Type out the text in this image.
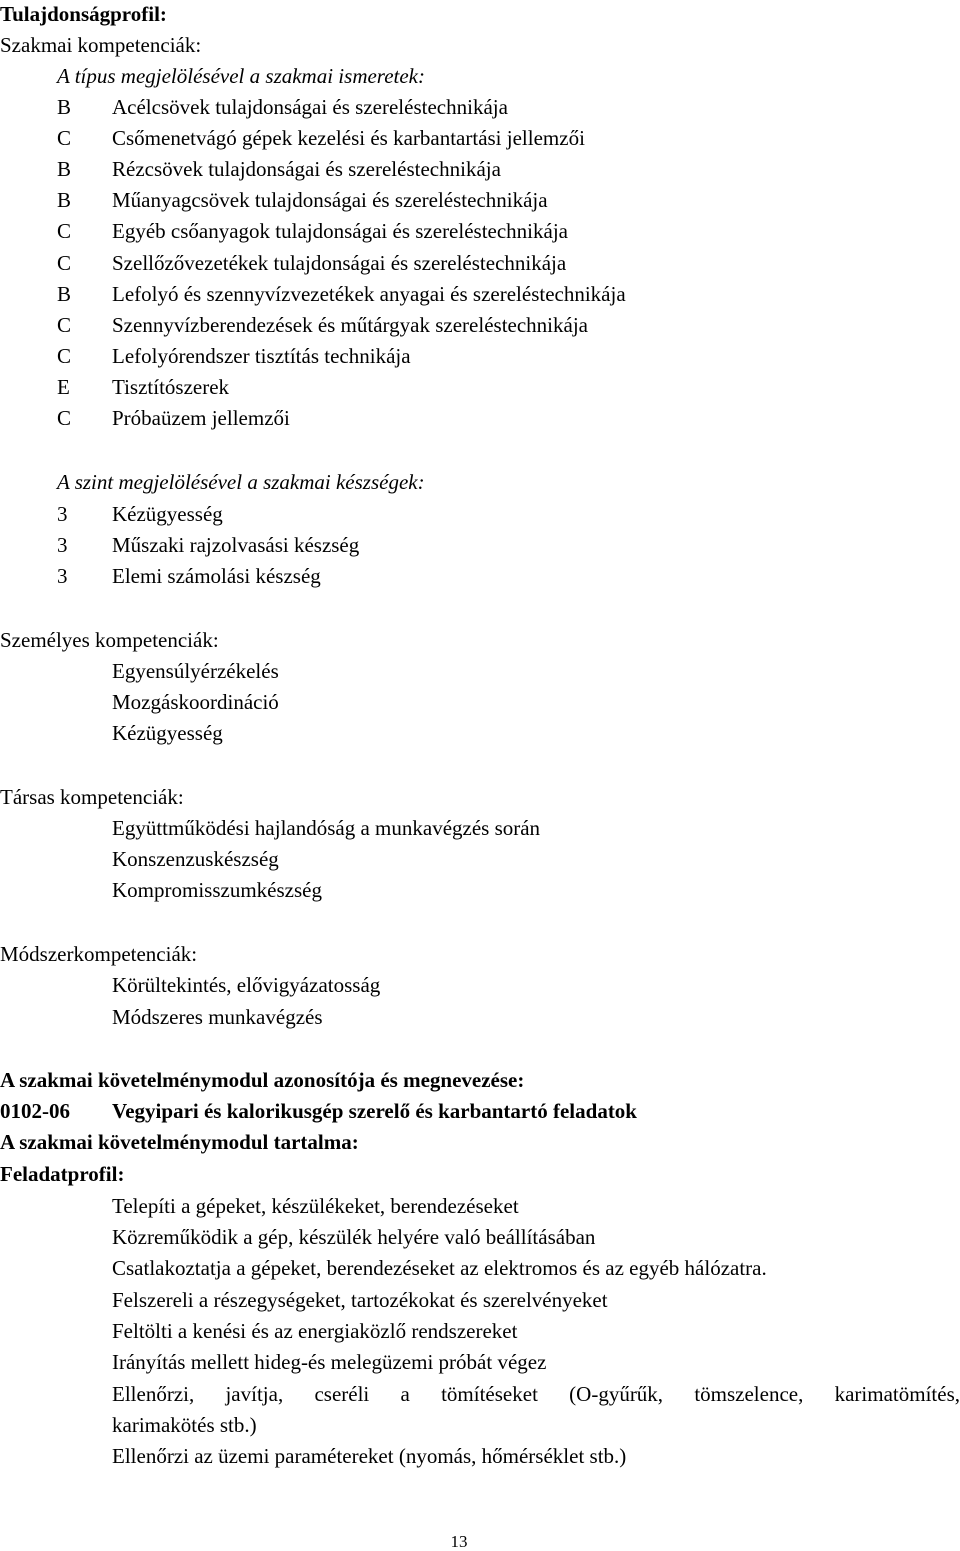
Tulajdonságprofil:
Szakmai kompetenciák:
A típus megjelölésével a szakmai ismeretek:
B Acélcsövek tulajdonságai és szereléstechnikája
C Csőmenetvágó gépek kezelési és karbantartási jellemzői
B Rézcsövek tulajdonságai és szereléstechnikája
B Műanyagcsövek tulajdonságai és szereléstechnikája
C Egyéb csőanyagok tulajdonságai és szereléstechnikája
C Szellőzővezetékek tulajdonságai és szereléstechnikája
B Lefolyó és szennyvízvezetékek anyagai és szereléstechnikája
C Szennyvízberendezések és műtárgyak szereléstechnikája
C Lefolyórendszer tisztítás technikája
E Tisztítószerek
C Próbaüzem jellemzői
A szint megjelölésével a szakmai készségek:
3 Kézügyesség
3 Műszaki rajzolvasási készség
3 Elemi számolási készség
Személyes kompetenciák:
Egyensúlyérzékelés
Mozgáskoordináció
Kézügyesség
Társas kompetenciák:
Együttműködési hajlandóság a munkavégzés során
Konszenzuskészség
Kompromisszumkészség
Módszerkompetenciák:
Körültekintés, elővigyázatosság
Módszeres munkavégzés
A szakmai követelménymodul azonosítója és megnevezése:
0102-06 Vegyipari és kalorikusgép szerelő és karbantartó feladatok
A szakmai követelménymodul tartalma:
Feladatprofil:
Telepíti a gépeket, készülékeket, berendezéseket
Közreműködik a gép, készülék helyére való beállításában
Csatlakoztatja a gépeket, berendezéseket az elektromos és az egyéb hálózatra.
Felszereli a részegységeket, tartozékokat és szerelvényeket
Feltölti a kenési és az energiaközlő rendszereket
Irányítás mellett hideg-és melegüzemi próbát végez
Ellenőrzi, javítja, cseréli a tömítéseket (O-gyűrűk, tömszelence, karimatömítés,
karimakötés stb.)
Ellenőrzi az üzemi paramétereket (nyomás, hőmérséklet stb.)
13
